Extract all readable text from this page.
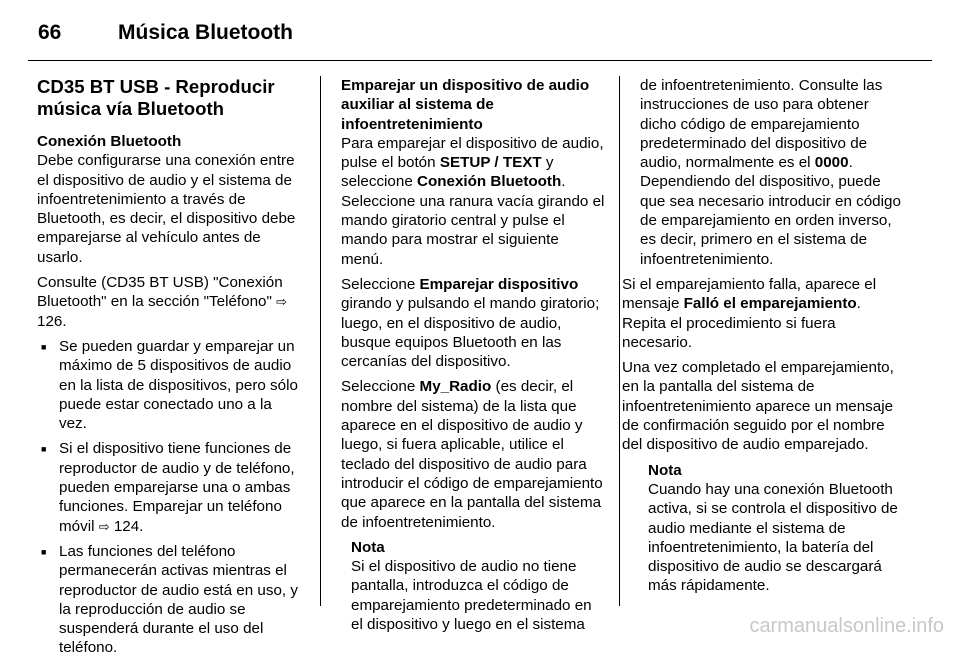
66	Música Bluetooth
CD35 BT USB - Reproducir música vía Bluetooth

Conexión Bluetooth
Debe configurarse una conexión entre el dispositivo de audio y el sistema de infoentretenimiento a través de Bluetooth, es decir, el dispositivo debe emparejarse al vehículo antes de usarlo.

Consulte (CD35 BT USB) "Conexión Bluetooth" en la sección "Teléfono" ⇨ 126.

■ Se pueden guardar y emparejar un máximo de 5 dispositivos de audio en la lista de dispositivos, pero sólo puede estar conectado uno a la vez.
■ Si el dispositivo tiene funciones de reproductor de audio y de teléfono, pueden emparejarse una o ambas funciones. Emparejar un teléfono móvil ⇨ 124.
■ Las funciones del teléfono permanecerán activas mientras el reproductor de audio está en uso, y la reproducción de audio se suspenderá durante el uso del teléfono.

Emparejar un dispositivo de audio auxiliar al sistema de infoentretenimiento
Para emparejar el dispositivo de audio, pulse el botón SETUP / TEXT y seleccione Conexión Bluetooth. Seleccione una ranura vacía girando el mando giratorio central y pulse el mando para mostrar el siguiente menú.

Seleccione Emparejar dispositivo girando y pulsando el mando giratorio; luego, en el dispositivo de audio, busque equipos Bluetooth en las cercanías del dispositivo.

Seleccione My_Radio (es decir, el nombre del sistema) de la lista que aparece en el dispositivo de audio y luego, si fuera aplicable, utilice el teclado del dispositivo de audio para introducir el código de emparejamiento que aparece en la pantalla del sistema de infoentretenimiento.

Nota
Si el dispositivo de audio no tiene pantalla, introduzca el código de emparejamiento predeterminado en el dispositivo y luego en el sistema
de infoentretenimiento. Consulte las instrucciones de uso para obtener dicho código de emparejamiento predeterminado del dispositivo de audio, normalmente es el 0000. Dependiendo del dispositivo, puede que sea necesario introducir en código de emparejamiento en orden inverso, es decir, primero en el sistema de infoentretenimiento.

Si el emparejamiento falla, aparece el mensaje Falló el emparejamiento. Repita el procedimiento si fuera necesario.

Una vez completado el emparejamiento, en la pantalla del sistema de infoentretenimiento aparece un mensaje de confirmación seguido por el nombre del dispositivo de audio emparejado.

Nota
Cuando hay una conexión Bluetooth activa, si se controla el dispositivo de audio mediante el sistema de infoentretenimiento, la batería del dispositivo de audio se descargará más rápidamente.
carmanualsonline.info
